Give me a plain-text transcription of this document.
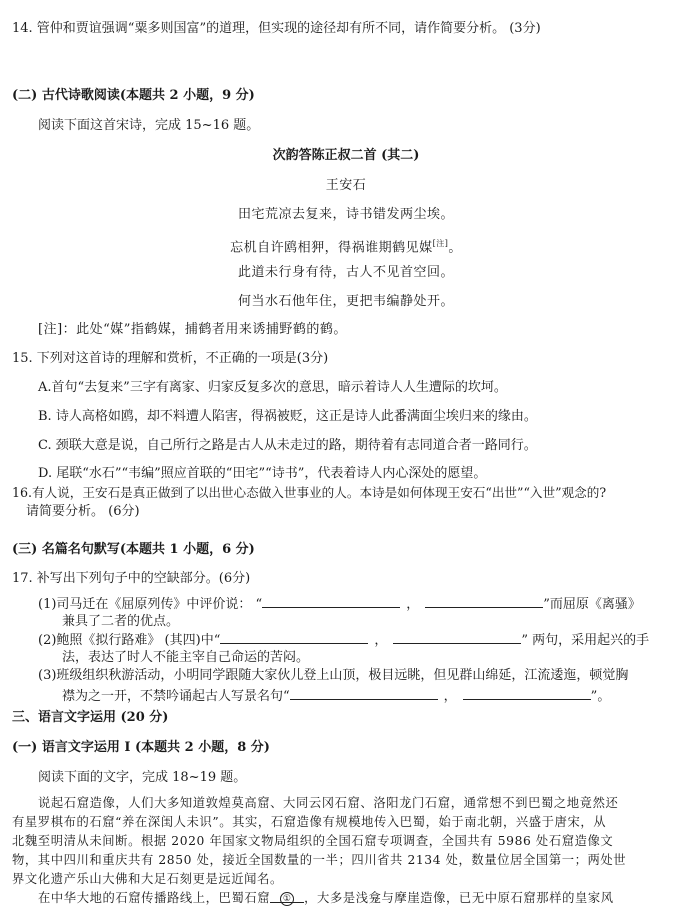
14. 管仲和贾谊强调“粟多则国富”的道理，但实现的途径却有所不同，请作简要分析。 (3分)
(二) 古代诗歌阅读(本题共 2 小题，9 分)
阅读下面这首宋诗，完成 15~16 题。
次韵答陈正叔二首 (其二)
王安石
田宅荒凉去复来，诗书错发两尘埃。
忘机自许鸥相狎，得祸谁期鹤见媒[注]。
此道未行身有待，古人不见首空回。
何当水石他年住，更把韦编静处开。
[注]：此处“媒”指鹤媒，捕鹤者用来诱捕野鹤的鹤。
15. 下列对这首诗的理解和赏析，不正确的一项是(3分)
A.首句“去复来”三字有离家、归家反复多次的意思，暗示着诗人人生遭际的坎坷。
B. 诗人高格如鸥，却不料遭人陷害，得祸被贬，这正是诗人此番满面尘埃归来的缘由。
C. 颈联大意是说，自己所行之路是古人从未走过的路，期待着有志同道合者一路同行。
D. 尾联“水石”“韦编”照应首联的“田宅”“诗书”，代表着诗人内心深处的愿望。
16.有人说，王安石是真正做到了以出世心态做入世事业的人。本诗是如何体现王安石“出世”“入世”观念的?
请简要分析。 (6分)
(三) 名篇名句默写(本题共 1 小题，6 分)
17. 补写出下列句子中的空缺部分。(6分)
(1)司马迁在《屈原列传》中评价说： “	，	”而屈原《离骚》
兼具了二者的优点。
(2)鲍照《拟行路难》 (其四)中“	，	” 两句，采用起兴的手
法，表达了时人不能主宰自己命运的苦闷。
(3)班级组织秋游活动，小明同学跟随大家伙儿登上山顶，极目远眺，但见群山绵延，江流逶迤，顿觉胸
襟为之一开，不禁吟诵起古人写景名句“	，	”。
三、语言文字运用 (20 分)
(一) 语言文字运用 I (本题共 2 小题，8 分)
阅读下面的文字，完成 18~19 题。
说起石窟造像，人们大多知道敦煌莫高窟、大同云冈石窟、洛阳龙门石窟，通常想不到巴蜀之地竟然还
有星罗棋布的石窟“养在深闺人未识”。其实，石窟造像有规模地传入巴蜀，始于南北朝，兴盛于唐宋，从
北魏至明清从未间断。根据 2020 年国家文物局组织的全国石窟专项调查，全国共有 5986 处石窟造像文
物，其中四川和重庆共有 2850 处，接近全国数量的一半；四川省共 2134 处，数量位居全国第一；两处世
界文化遗产乐山大佛和大足石刻更是远近闻名。
在中华大地的石窟传播路线上，巴蜀石窟 ① ，大多是浅龛与摩崖造像，已无中原石窟那样的皇家风
